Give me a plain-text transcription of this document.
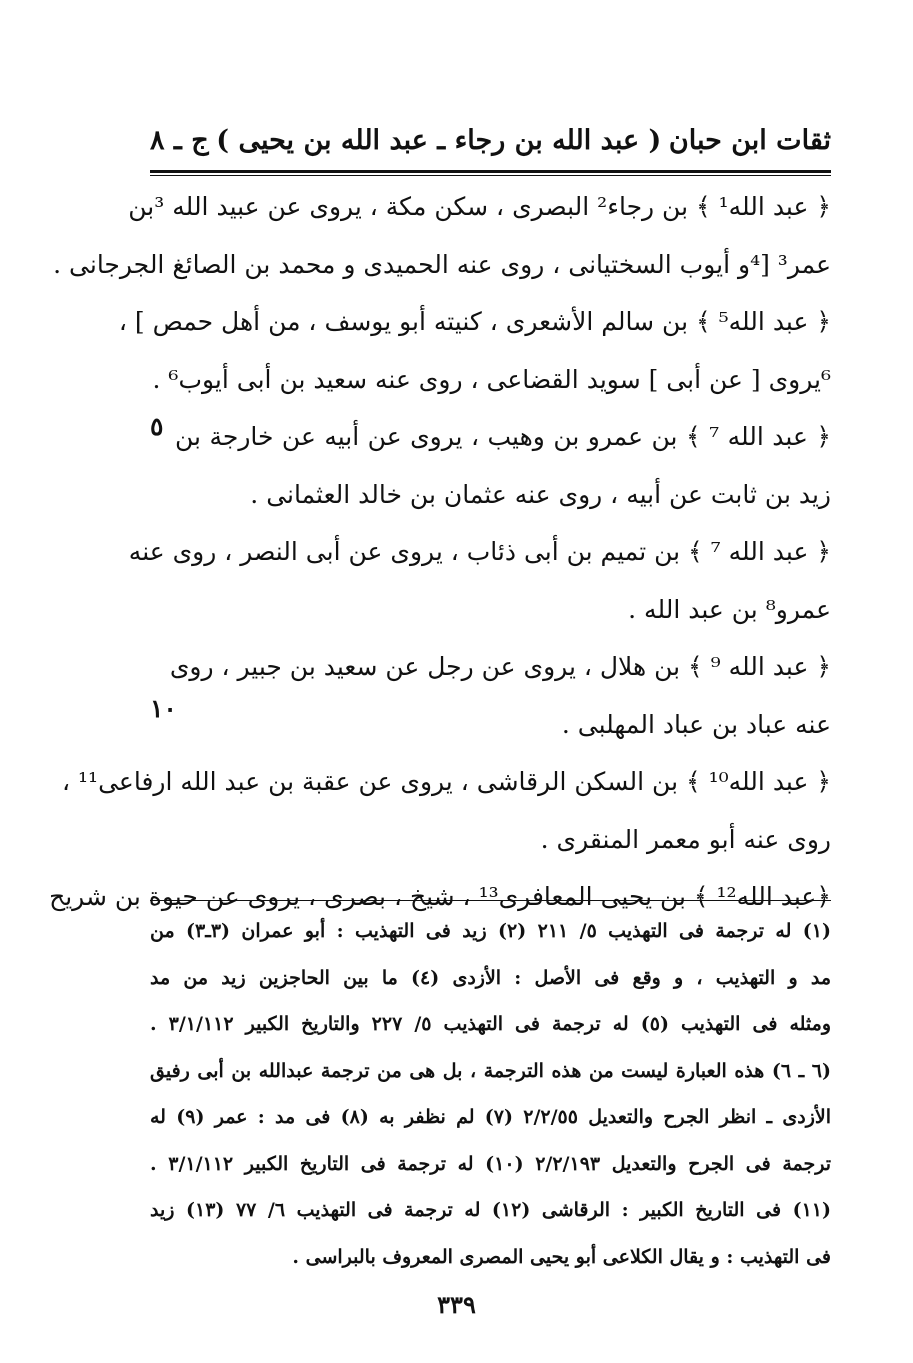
ثقات ابن حبان
( عبد الله بن رجاء ـ عبد الله بن يحيى )
ج ـ ٨
﴿ عبد الله¹ ﴾ بن رجاء² البصرى ، سكن مكة ، يروى عن عبيد الله ³بن
عمر³ [⁴و أيوب السختيانى ، روى عنه الحميدى و محمد بن الصائغ الجرجانى .
﴿ عبد الله⁵ ﴾ بن سالم الأشعرى ، كنيته أبو يوسف ، من أهل حمص ] ،
⁶يروى [ عن أبى ] سويد القضاعى ، روى عنه سعيد بن أبى أيوب⁶ .
﴿ عبد الله ⁷ ﴾ بن عمرو بن وهيب ، يروى عن أبيه عن خارجة بن
زيد بن ثابت عن أبيه ، روى عنه عثمان بن خالد العثمانى .
﴿ عبد الله ⁷ ﴾ بن تميم بن أبى ذئاب ، يروى عن أبى النصر ، روى عنه
عمرو⁸ بن عبد الله .
﴿ عبد الله ⁹ ﴾ بن هلال ، يروى عن رجل عن سعيد بن جبير ، روى
عنه عباد بن عباد المهلبى .
﴿ عبد الله¹⁰ ﴾ بن السكن الرقاشى ، يروى عن عقبة بن عبد الله ارفاعى¹¹ ،
روى عنه أبو معمر المنقرى .
﴿عبد الله¹² ﴾ بن يحيى المعافرى¹³ ، شيخ ، بصرى ، يروى عن حيوة بن شريح
٥
١٠
(١) له ترجمة فى التهذيب ٥/ ٢١١ (٢) زيد فى التهذيب : أبو عمران (٣ـ٣) من
مد و التهذيب ، و وقع فى الأصل : الأزدى (٤) ما بين الحاجزين زيد من مد
ومثله فى التهذيب (٥) له ترجمة فى التهذيب ٥/ ٢٢٧ والتاريخ الكبير ٣/١/١١٢ .
(٦ ـ ٦) هذه العبارة ليست من هذه الترجمة ، بل هى من ترجمة عبدالله بن أبى رفيق
الأزدى ـ انظر الجرح والتعديل ٢/٢/٥٥ (٧) لم نظفر به (٨) فى مد : عمر (٩) له
ترجمة فى الجرح والتعديل ٢/٢/١٩٣ (١٠) له ترجمة فى التاريخ الكبير ٣/١/١١٢ .
(١١) فى التاريخ الكبير : الرقاشى (١٢) له ترجمة فى التهذيب ٦/ ٧٧ (١٣) زيد
فى التهذيب : و يقال الكلاعى أبو يحيى المصرى المعروف بالبراسى .
٣٣٩
